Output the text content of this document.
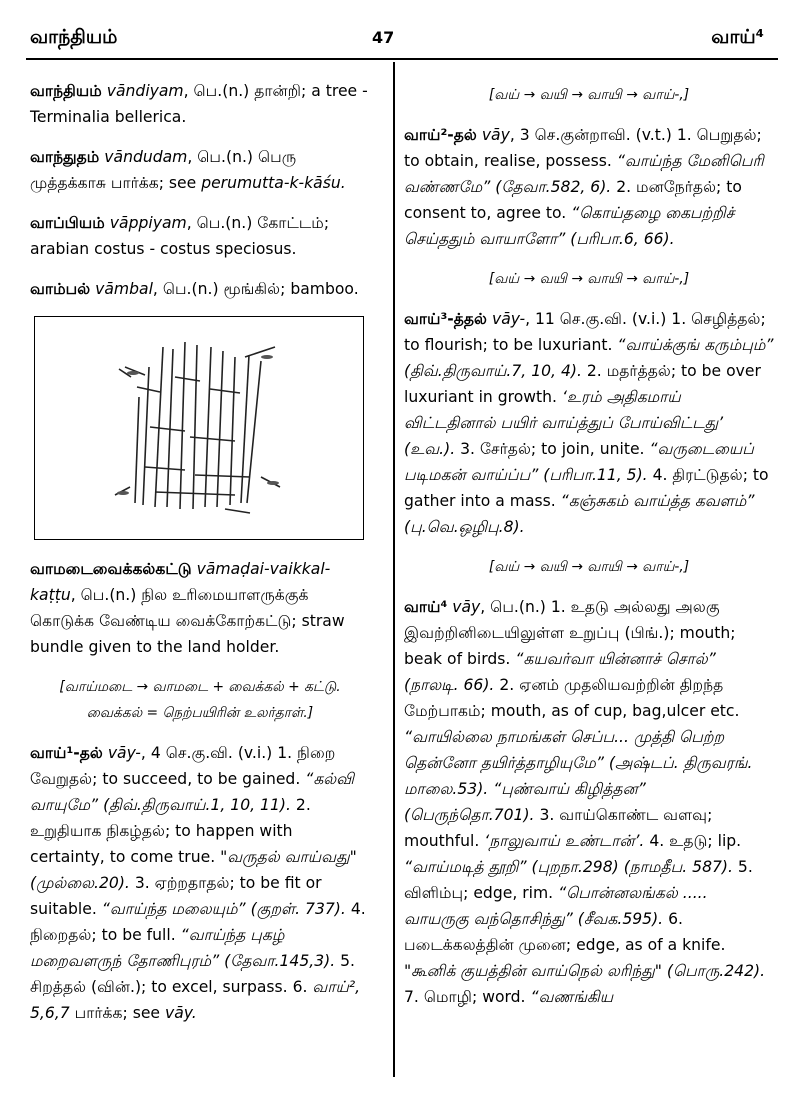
வாந்தியம்	47	வாய்⁴

வாந்தியம் vāndiyam, பெ.(n.) தான்றி; a tree - Terminalia bellerica.

வாந்துதம் vāndudam, பெ.(n.) பெரு முத்தக்காசு பார்க்க; see perumutta-k-kāśu.

வாப்பியம் vāppiyam, பெ.(n.) கோட்டம்; arabian costus - costus speciosus.

வாம்பல் vāmbal, பெ.(n.) மூங்கில்; bamboo.

வாமடைவைக்கல்கட்டு vāmaḍai-vaikkal-kaṭṭu, பெ.(n.) நில உரிமையாளருக்குக் கொடுக்க வேண்டிய வைக்கோற்கட்டு; straw bundle given to the land holder.

[வாய்மடை → வாமடை + வைக்கல் + கட்டு. வைக்கல் = நெற்பயிரின் உலர்தாள்.]

வாய்¹-தல் vāy-, 4 செ.கு.வி. (v.i.) 1. நிறை வேறுதல்; to succeed, to be gained. “கல்வி வாயுமே” (திவ்.திருவாய்.1, 10, 11). 2. உறுதியாக நிகழ்தல்; to happen with certainty, to come true. "வருதல் வாய்வது" (முல்லை.20). 3. ஏற்றதாதல்; to be fit or suitable. “வாய்ந்த மலையும்” (குறள். 737). 4. நிறைதல்; to be full. “வாய்ந்த புகழ் மறைவளருந் தோணிபுரம்” (தேவா.145,3). 5. சிறத்தல் (வின்.); to excel, surpass. 6. வாய்², 5,6,7 பார்க்க; see vāy.

[வய் → வயி → வாயி → வாய்-,]

வாய்²-தல் vāy, 3 செ.குன்றாவி. (v.t.) 1. பெறுதல்; to obtain, realise, possess. “வாய்ந்த மேனிபெரி வண்ணமே” (தேவா.582, 6). 2. மனநேர்தல்; to consent to, agree to. “கொய்தழை கைபற்றிச் செய்ததும் வாயாளோ” (பரிபா.6, 66).

[வய் → வயி → வாயி → வாய்-,]

வாய்³-த்தல் vāy-, 11 செ.கு.வி. (v.i.) 1. செழித்தல்; to flourish; to be luxuriant. “வாய்க்குங் கரும்பும்” (திவ்.திருவாய்.7, 10, 4). 2. மதர்த்தல்; to be over luxuriant in growth. ‘உரம் அதிகமாய் விட்டதினால் பயிர் வாய்த்துப் போய்விட்டது’ (உவ.). 3. சேர்தல்; to join, unite. “வருடையைப் படிமகன் வாய்ப்ப” (பரிபா.11, 5). 4. திரட்டுதல்; to gather into a mass. “கஞ்சுகம் வாய்த்த கவளம்” (பு.வெ.ஒழிபு.8).

[வய் → வயி → வாயி → வாய்-,]

வாய்⁴ vāy, பெ.(n.) 1. உதடு அல்லது அலகு இவற்றினிடையிலுள்ள உறுப்பு (பிங்.); mouth; beak of birds. “கயவர்வா யின்னாச் சொல்” (நாலடி. 66). 2. ஏனம் முதலியவற்றின் திறந்த மேற்பாகம்; mouth, as of cup, bag,ulcer etc. “வாயில்லை நாமங்கள் செப்ப... முத்தி பெற்ற தென்னோ தயிர்த்தாழியுமே” (அஷ்டப். திருவரங். மாலை.53). “புண்வாய் கிழித்தன” (பெருந்தொ.701). 3. வாய்கொண்ட வளவு; mouthful. ‘நாலுவாய் உண்டான்’. 4. உதடு; lip. “வாய்மடித் தூறி” (புறநா.298) (நாமதீப. 587). 5. விளிம்பு; edge, rim. “பொன்னலங்கல் ..... வாயருகு வந்தொசிந்து” (சீவக.595). 6. படைக்கலத்தின் முனை; edge, as of a knife. "கூனிக் குயத்தின் வாய்நெல் லரிந்து" (பொரு.242). 7. மொழி; word. “வணங்கிய
